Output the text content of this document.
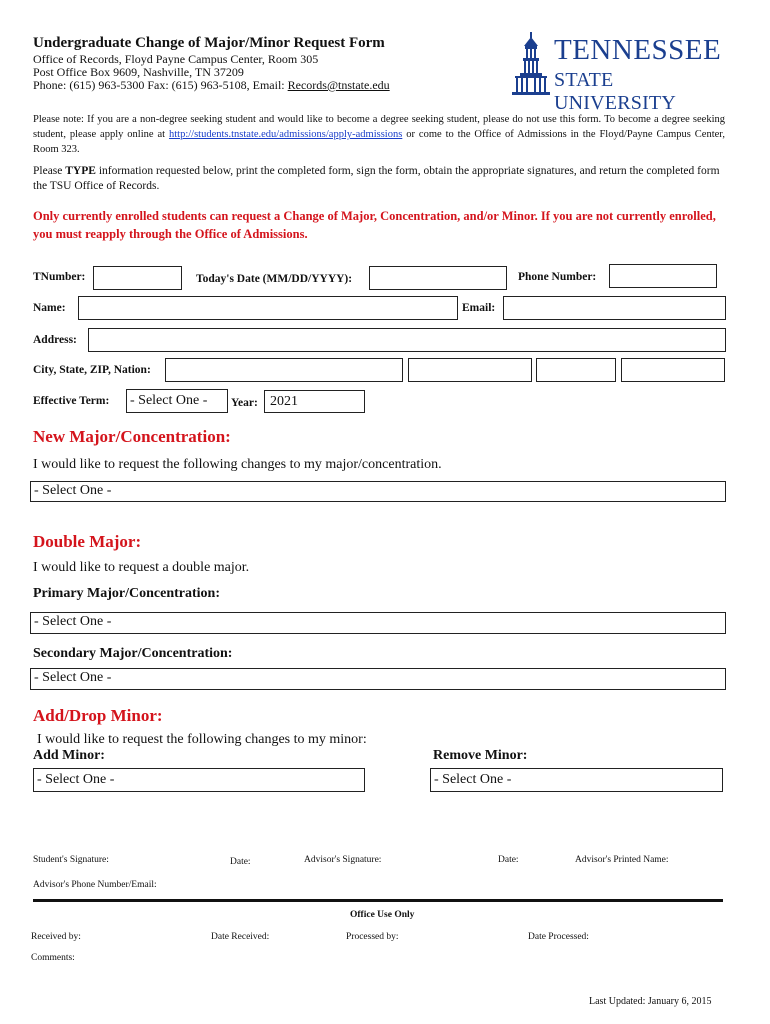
Undergraduate Change of Major/Minor Request Form
Office of Records, Floyd Payne Campus Center, Room 305
Post Office Box 9609, Nashville, TN 37209
Phone: (615) 963-5300 Fax: (615) 963-5108, Email: Records@tnstate.edu
TENNESSEE
STATE UNIVERSITY
Please note: If you are a non-degree seeking student and would like to become a degree seeking student, please do not use this form. To become a degree seeking student, please apply online at http://students.tnstate.edu/admissions/apply-admissions or come to the Office of Admissions in the Floyd/Payne Campus Center, Room 323.
Please TYPE information requested below, print the completed form, sign the form, obtain the appropriate signatures, and return the completed form the TSU Office of Records.
Only currently enrolled students can request a Change of Major, Concentration, and/or Minor. If you are not currently enrolled, you must reapply through the Office of Admissions.
TNumber:	Today's Date (MM/DD/YYYY):	Phone Number:
Name:	Email:
Address:
City, State, ZIP, Nation:
Effective Term: - Select One -	Year: 2021
New Major/Concentration:
I would like to request the following changes to my major/concentration.
- Select One -
Double Major:
I would like to request a double major.
Primary Major/Concentration:
- Select One -
Secondary Major/Concentration:
- Select One -
Add/Drop Minor:
I would like to request the following changes to my minor:
Add Minor:
- Select One -
Remove Minor:
- Select One -
Student's Signature:	Date:	Advisor's Signature:	Date:	Advisor's Printed Name:
Advisor's Phone Number/Email:
Office Use Only
Received by:	Date Received:	Processed by:	Date Processed:
Comments:
Last Updated: January 6, 2015
